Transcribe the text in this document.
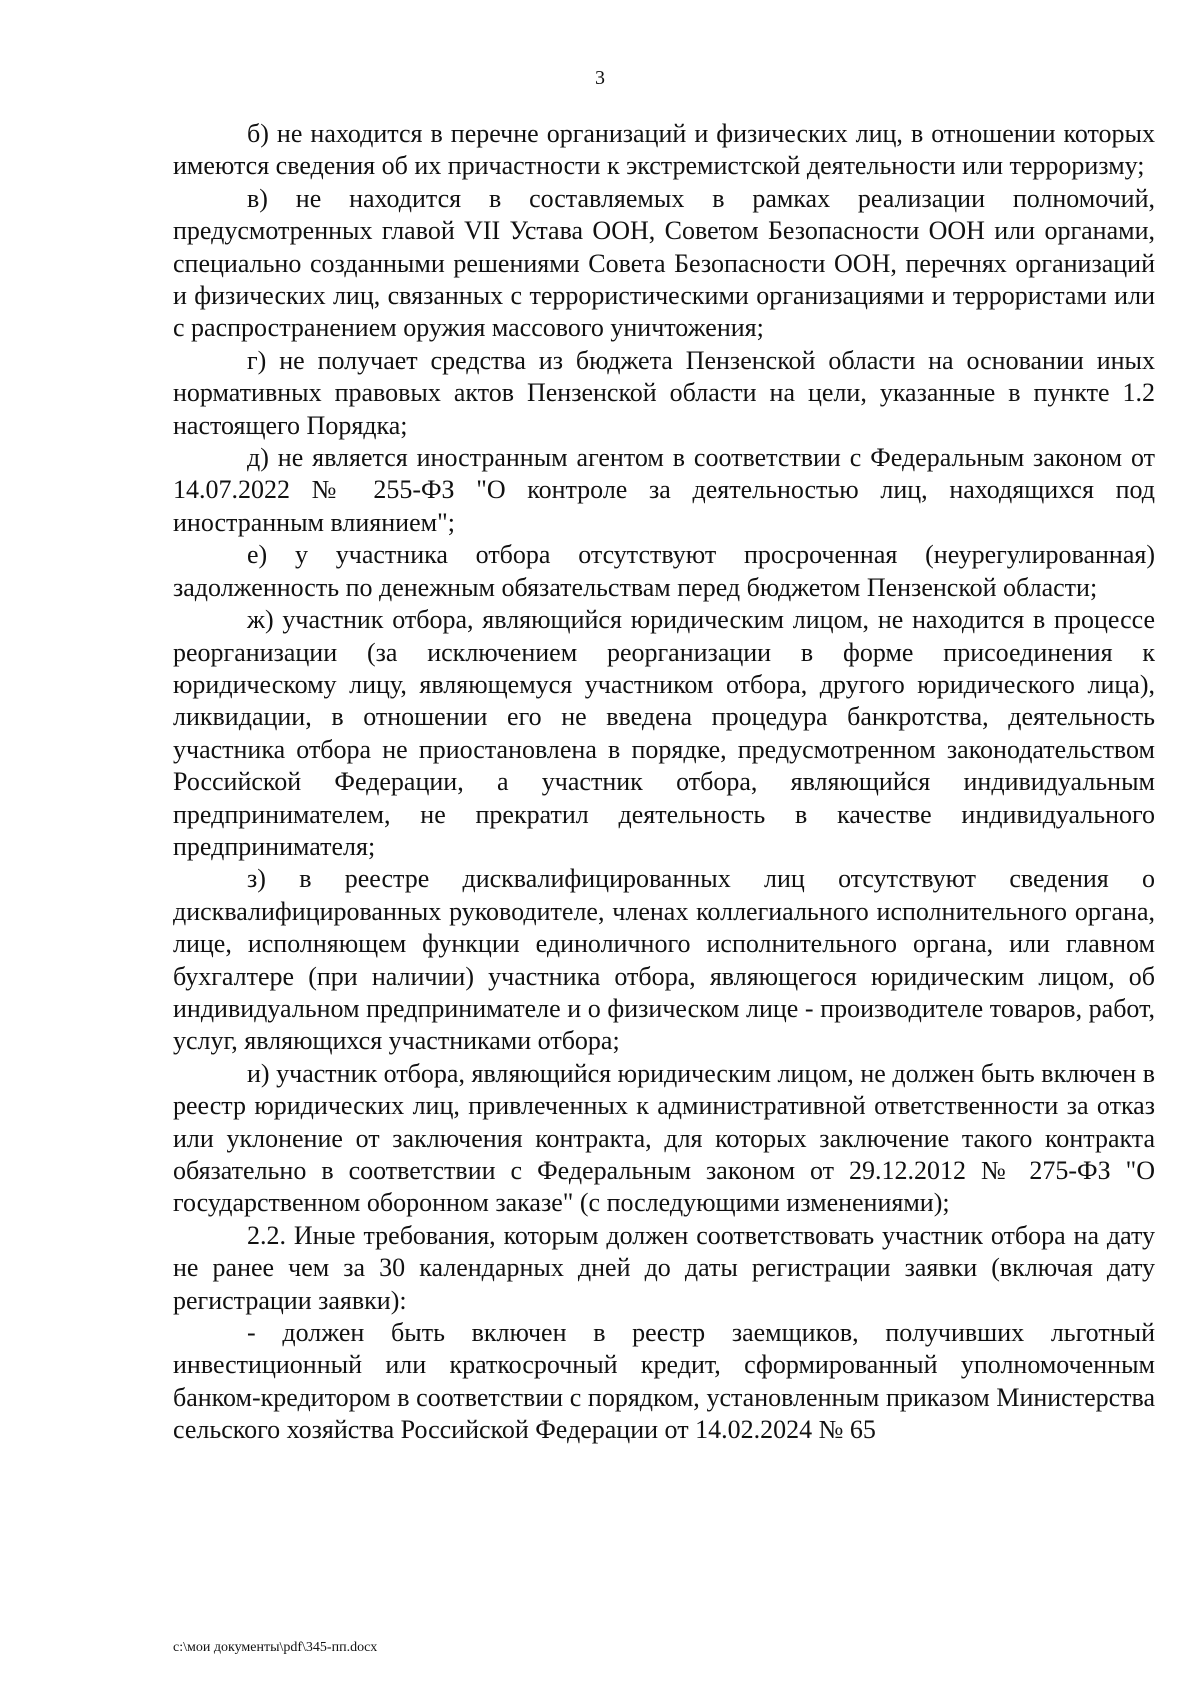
3

б) не находится в перечне организаций и физических лиц, в отношении которых имеются сведения об их причастности к экстремистской деятельности или терроризму;

в) не находится в составляемых в рамках реализации полномочий, предусмотренных главой VII Устава ООН, Советом Безопасности ООН или органами, специально созданными решениями Совета Безопасности ООН, перечнях организаций и физических лиц, связанных с террористическими организациями и террористами или с распространением оружия массового уничтожения;

г) не получает средства из бюджета Пензенской области на основании иных нормативных правовых актов Пензенской области на цели, указанные в пункте 1.2 настоящего Порядка;

д) не является иностранным агентом в соответствии с Федеральным законом от 14.07.2022 № 255-ФЗ "О контроле за деятельностью лиц, находящихся под иностранным влиянием";

е) у участника отбора отсутствуют просроченная (неурегулированная) задолженность по денежным обязательствам перед бюджетом Пензенской области;

ж) участник отбора, являющийся юридическим лицом, не находится в процессе реорганизации (за исключением реорганизации в форме присоединения к юридическому лицу, являющемуся участником отбора, другого юридического лица), ликвидации, в отношении его не введена процедура банкротства, деятельность участника отбора не приостановлена в порядке, предусмотренном законодательством Российской Федерации, а участник отбора, являющийся индивидуальным предпринимателем, не прекратил деятельность в качестве индивидуального предпринимателя;

з) в реестре дисквалифицированных лиц отсутствуют сведения о дисквалифицированных руководителе, членах коллегиального исполнительного органа, лице, исполняющем функции единоличного исполнительного органа, или главном бухгалтере (при наличии) участника отбора, являющегося юридическим лицом, об индивидуальном предпринимателе и о физическом лице - производителе товаров, работ, услуг, являющихся участниками отбора;

и) участник отбора, являющийся юридическим лицом, не должен быть включен в реестр юридических лиц, привлеченных к административной ответственности за отказ или уклонение от заключения контракта, для которых заключение такого контракта обязательно в соответствии с Федеральным законом от 29.12.2012 № 275-ФЗ "О государственном оборонном заказе" (с последующими изменениями);

2.2. Иные требования, которым должен соответствовать участник отбора на дату не ранее чем за 30 календарных дней до даты регистрации заявки (включая дату регистрации заявки):

- должен быть включен в реестр заемщиков, получивших льготный инвестиционный или краткосрочный кредит, сформированный уполномоченным банком-кредитором в соответствии с порядком, установленным приказом Министерства сельского хозяйства Российской Федерации от 14.02.2024 № 65

c:\мои документы\pdf\345-пп.docx
